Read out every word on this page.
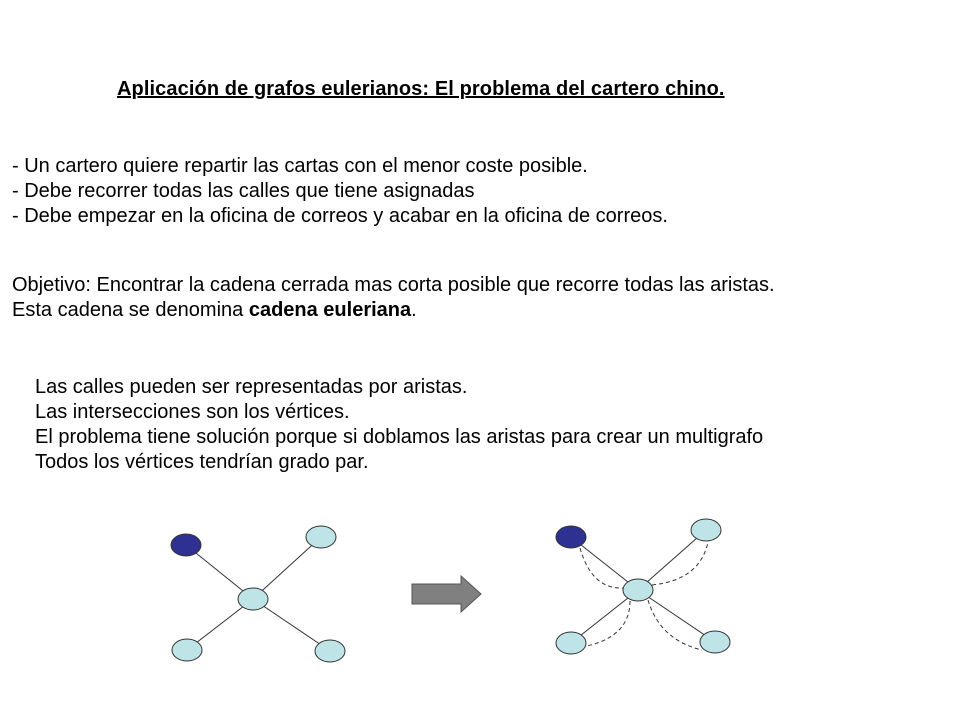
Aplicación de grafos eulerianos: El problema del cartero chino.
- Un cartero quiere repartir las cartas con el menor coste posible.
- Debe recorrer todas las calles que tiene asignadas
- Debe empezar en la oficina de correos y acabar en la oficina de correos.
Objetivo: Encontrar la cadena cerrada mas corta posible que recorre todas las aristas.
Esta cadena se denomina cadena euleriana.
Las calles pueden ser representadas por aristas.
Las intersecciones son los vértices.
El problema tiene solución porque si doblamos las aristas para crear un multigrafo
Todos los vértices tendrían grado par.
